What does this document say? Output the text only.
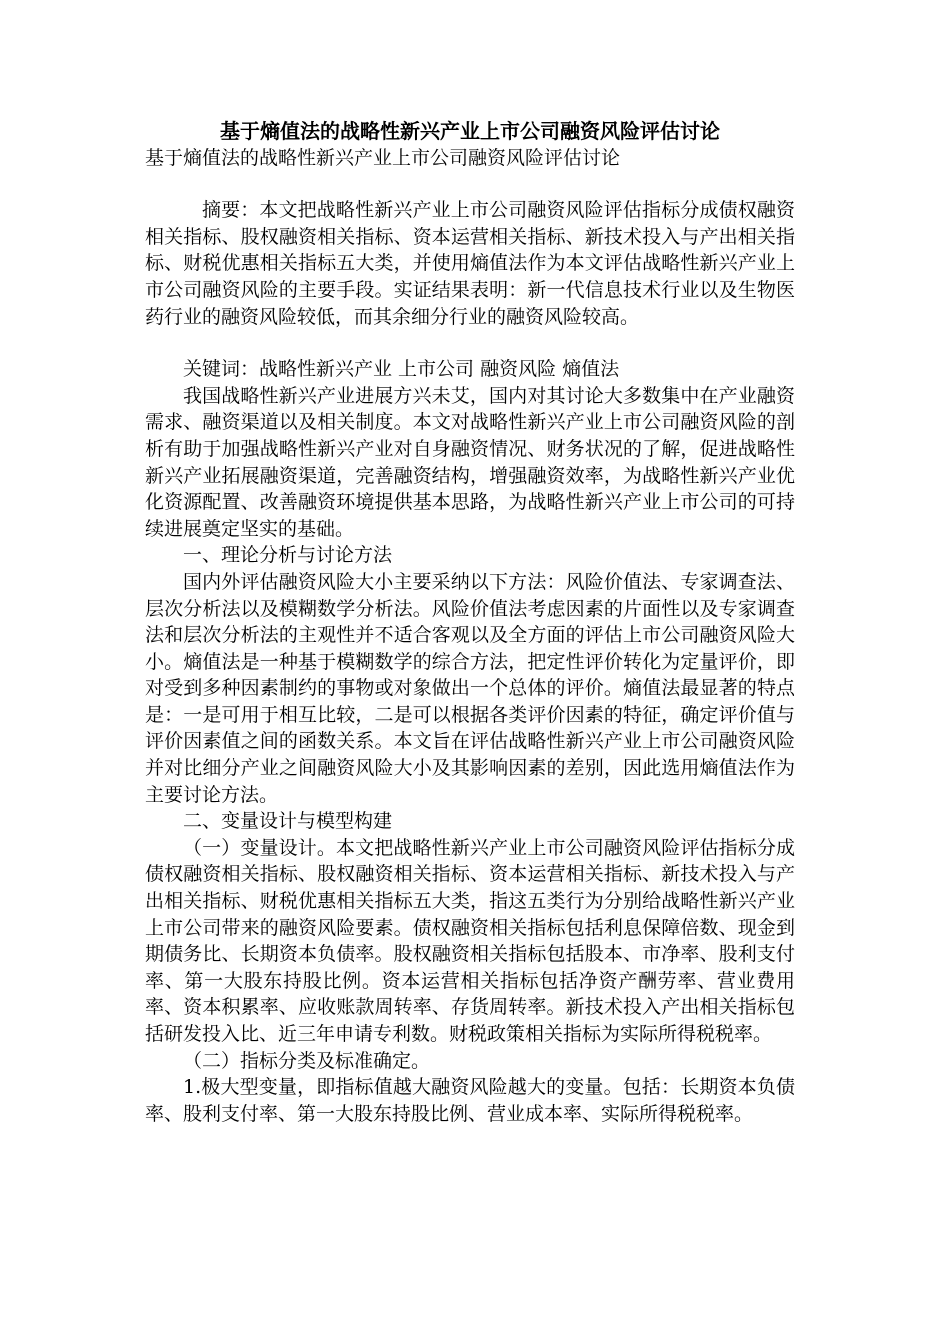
基于熵值法的战略性新兴产业上市公司融资风险评估讨论
基于熵值法的战略性新兴产业上市公司融资风险评估讨论

摘要：本文把战略性新兴产业上市公司融资风险评估指标分成债权融资相关指标、股权融资相关指标、资本运营相关指标、新技术投入与产出相关指标、财税优惠相关指标五大类，并使用熵值法作为本文评估战略性新兴产业上市公司融资风险的主要手段。实证结果表明：新一代信息技术行业以及生物医药行业的融资风险较低，而其余细分行业的融资风险较高。

关键词：战略性新兴产业 上市公司 融资风险 熵值法

我国战略性新兴产业进展方兴未艾，国内对其讨论大多数集中在产业融资需求、融资渠道以及相关制度。本文对战略性新兴产业上市公司融资风险的剖析有助于加强战略性新兴产业对自身融资情况、财务状况的了解，促进战略性新兴产业拓展融资渠道，完善融资结构，增强融资效率，为战略性新兴产业优化资源配置、改善融资环境提供基本思路，为战略性新兴产业上市公司的可持续进展奠定坚实的基础。

一、理论分析与讨论方法

国内外评估融资风险大小主要采纳以下方法：风险价值法、专家调查法、层次分析法以及模糊数学分析法。风险价值法考虑因素的片面性以及专家调查法和层次分析法的主观性并不适合客观以及全方面的评估上市公司融资风险大小。熵值法是一种基于模糊数学的综合方法，把定性评价转化为定量评价，即对受到多种因素制约的事物或对象做出一个总体的评价。熵值法最显著的特点是：一是可用于相互比较，二是可以根据各类评价因素的特征，确定评价值与评价因素值之间的函数关系。本文旨在评估战略性新兴产业上市公司融资风险并对比细分产业之间融资风险大小及其影响因素的差别，因此选用熵值法作为主要讨论方法。

二、变量设计与模型构建

（一）变量设计。本文把战略性新兴产业上市公司融资风险评估指标分成债权融资相关指标、股权融资相关指标、资本运营相关指标、新技术投入与产出相关指标、财税优惠相关指标五大类，指这五类行为分别给战略性新兴产业上市公司带来的融资风险要素。债权融资相关指标包括利息保障倍数、现金到期债务比、长期资本负债率。股权融资相关指标包括股本、市净率、股利支付率、第一大股东持股比例。资本运营相关指标包括净资产酬劳率、营业费用率、资本积累率、应收账款周转率、存货周转率。新技术投入产出相关指标包括研发投入比、近三年申请专利数。财税政策相关指标为实际所得税税率。

（二）指标分类及标准确定。

1.极大型变量，即指标值越大融资风险越大的变量。包括：长期资本负债率、股利支付率、第一大股东持股比例、营业成本率、实际所得税税率。
